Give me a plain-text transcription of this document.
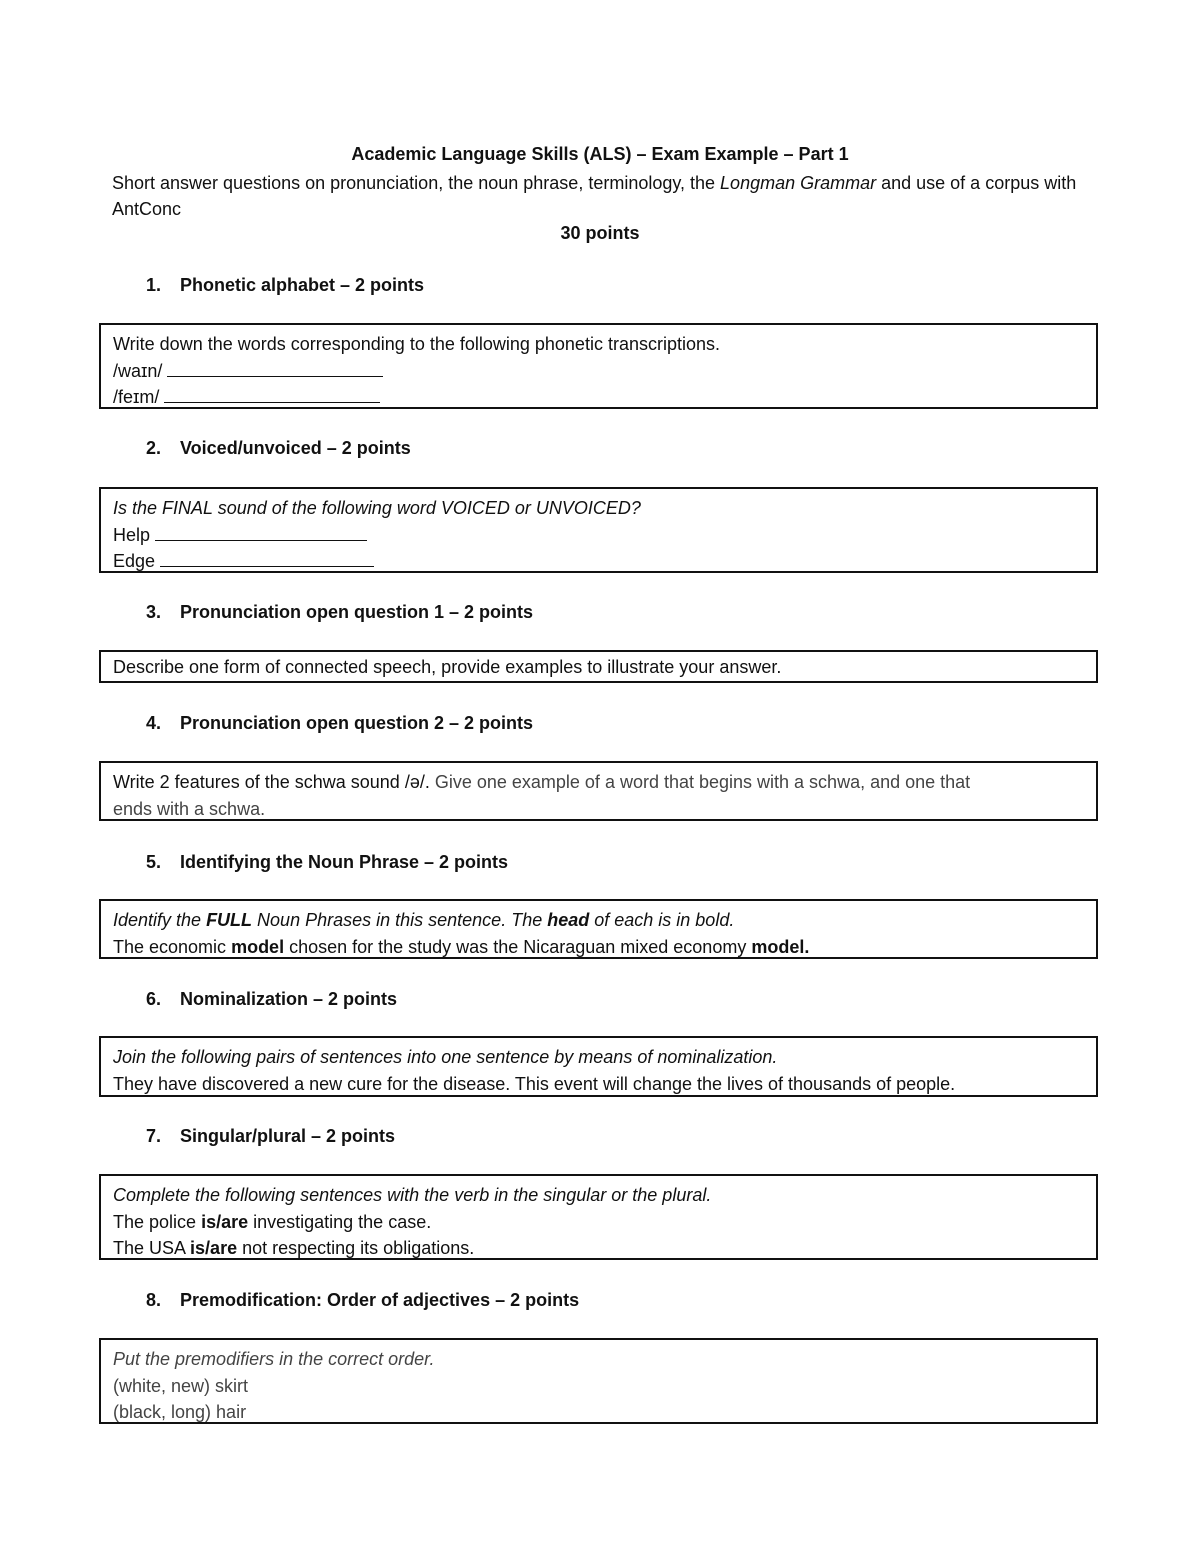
Academic Language Skills (ALS) – Exam Example – Part 1
Short answer questions on pronunciation, the noun phrase, terminology, the Longman Grammar and use of a corpus with AntConc
30 points
1. Phonetic alphabet – 2 points
Write down the words corresponding to the following phonetic transcriptions.
/waɪn/
/feɪm/
2. Voiced/unvoiced – 2 points
Is the FINAL sound of the following word VOICED or UNVOICED?
Help
Edge
3. Pronunciation open question 1 – 2 points
Describe one form of connected speech, provide examples to illustrate your answer.
4. Pronunciation open question 2 – 2 points
Write 2 features of the schwa sound /ə/. Give one example of a word that begins with a schwa, and one that
ends with a schwa.
5. Identifying the Noun Phrase – 2 points
Identify the FULL Noun Phrases in this sentence. The head of each is in bold.
The economic model chosen for the study was the Nicaraguan mixed economy model.
6. Nominalization – 2 points
Join the following pairs of sentences into one sentence by means of nominalization.
They have discovered a new cure for the disease. This event will change the lives of thousands of people.
7. Singular/plural – 2 points
Complete the following sentences with the verb in the singular or the plural.
The police is/are investigating the case.
The USA is/are not respecting its obligations.
8. Premodification: Order of adjectives – 2 points
Put the premodifiers in the correct order.
(white, new) skirt
(black, long) hair
